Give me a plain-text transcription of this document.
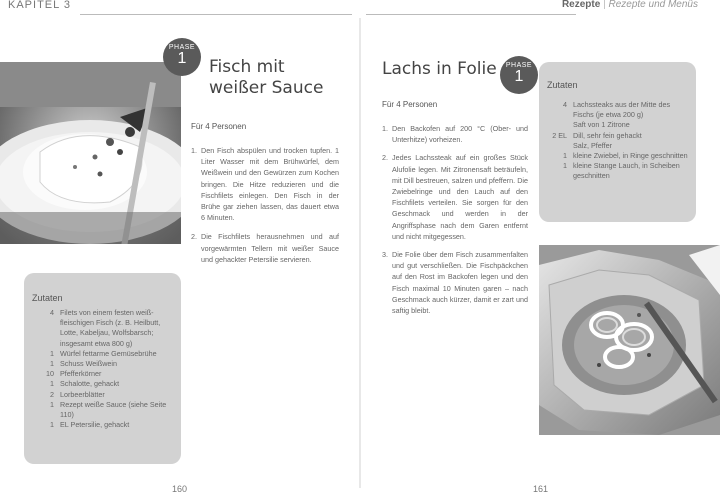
KAPITEL 3	Rezepte | Rezepte und Menüs
PHASE
1	Fisch mit
weißer Sauce
Für 4 Personen
1. Den Fisch abspülen und trocken tupfen. 1 Liter Wasser mit dem Brühwürfel, dem Weißwein und den Gewürzen zum Kochen bringen. Die Hitze reduzieren und die Fischfilets einlegen. Den Fisch in der Brühe gar ziehen lassen, das dauert etwa 6 Minuten.
2. Die Fischfilets herausnehmen und auf vorgewärmten Tellern mit weißer Sauce und gehackter Petersilie servieren.
Zutaten
4 Filets von einem festen weiß-fleischigen Fisch (z. B. Heilbutt, Lotte, Kabeljau, Wolfsbarsch; insgesamt etwa 800 g)
1 Würfel fettarme Gemüsebrühe
1 Schuss Weißwein
10 Pfefferkörner
1 Schalotte, gehackt
2 Lorbeerblätter
1 Rezept weiße Sauce (siehe Seite 110)
1 EL Petersilie, gehackt
160
Lachs in Folie	PHASE
1
Für 4 Personen
1. Den Backofen auf 200 °C (Ober- und Unterhitze) vorheizen.
2. Jedes Lachssteak auf ein großes Stück Alufolie legen. Mit Zitronensaft beträufeln, mit Dill bestreuen, salzen und pfeffern. Die Zwiebelringe und den Lauch auf den Fischfilets verteilen. Sie sorgen für den Geschmack und werden in der Angriffsphase nach dem Garen entfernt und nicht mitgegessen.
3. Die Folie über dem Fisch zusammenfalten und gut verschließen. Die Fischpäckchen auf den Rost im Backofen legen und den Fisch maximal 10 Minuten garen – nach Geschmack auch kürzer, damit er zart und saftig bleibt.
Zutaten
4 Lachssteaks aus der Mitte des Fischs (je etwa 200 g)
Saft von 1 Zitrone
2 EL Dill, sehr fein gehackt
Salz, Pfeffer
1 kleine Zwiebel, in Ringe geschnitten
1 kleine Stange Lauch, in Scheiben geschnitten
161
